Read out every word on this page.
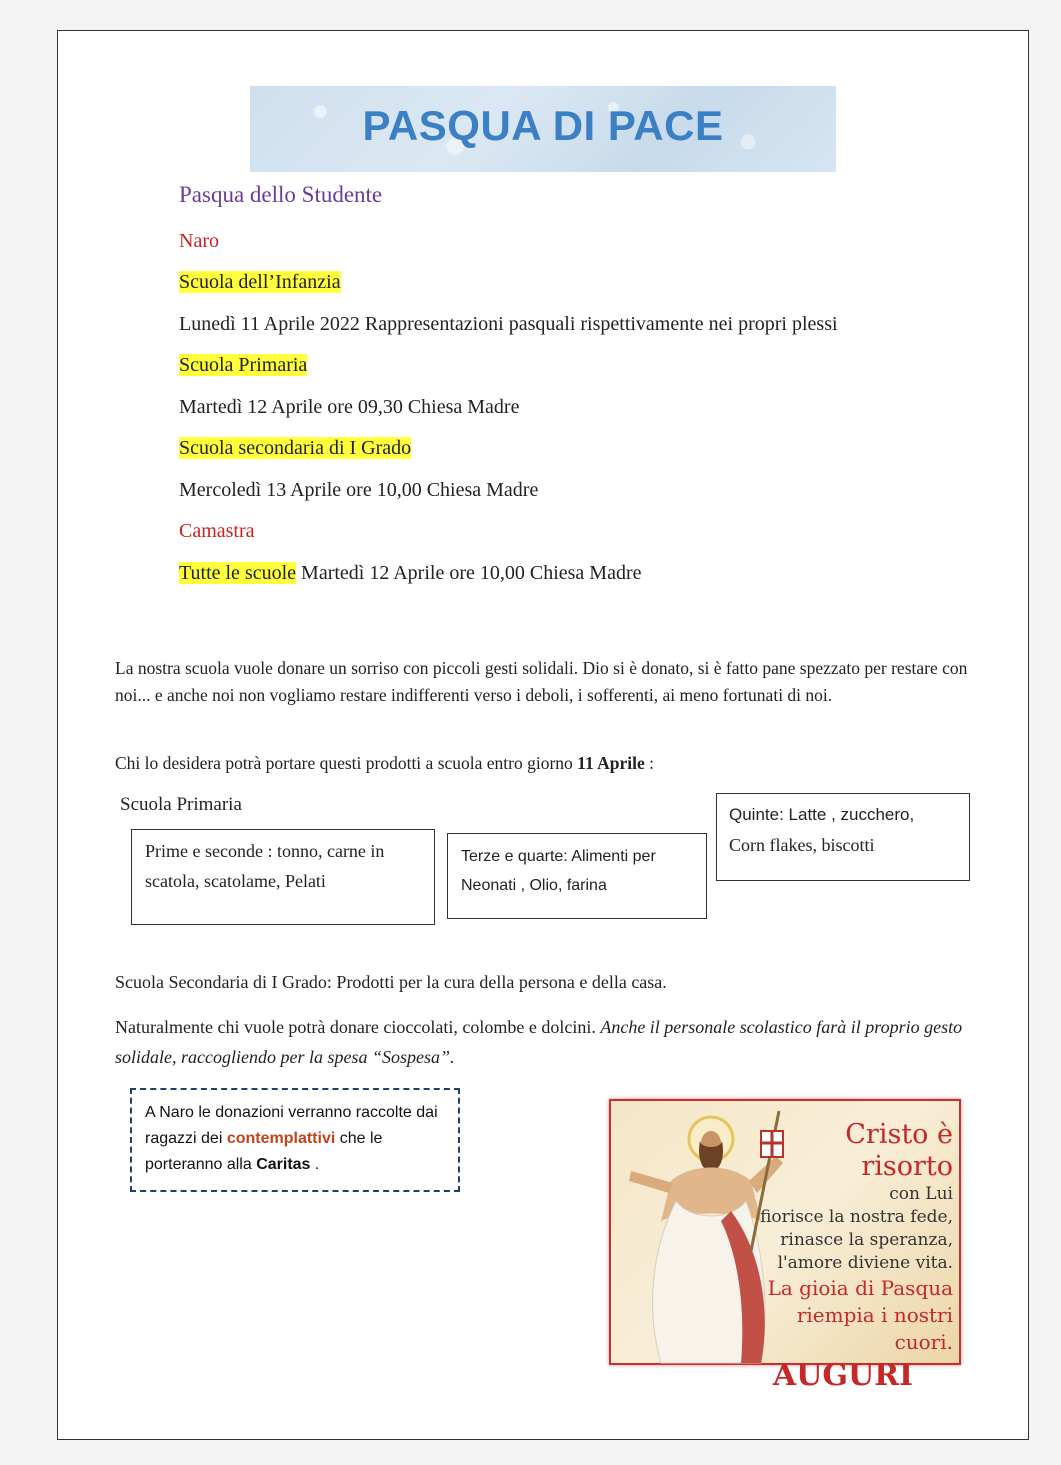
PASQUA DI PACE
Pasqua dello Studente
Naro
Scuola dell’Infanzia
Lunedì 11 Aprile 2022 Rappresentazioni pasquali rispettivamente nei propri plessi
Scuola Primaria
Martedì 12 Aprile ore 09,30 Chiesa Madre
Scuola secondaria di I Grado
Mercoledì 13 Aprile ore 10,00 Chiesa Madre
Camastra
Tutte le scuole Martedì 12 Aprile ore 10,00 Chiesa Madre
La nostra scuola vuole donare un sorriso con piccoli gesti solidali. Dio si è donato, si è fatto pane spezzato per restare con noi... e anche noi non vogliamo restare indifferenti verso i deboli, i sofferenti, ai meno fortunati di noi.
Chi lo desidera potrà portare questi prodotti a scuola entro giorno 11 Aprile :
Scuola Primaria
Prime e seconde : tonno, carne in scatola, scatolame, Pelati
Terze e quarte: Alimenti per Neonati , Olio, farina
Quinte: Latte , zucchero,
Corn flakes, biscotti
Scuola Secondaria di I Grado: Prodotti per la cura della persona e della casa.
Naturalmente chi vuole potrà donare cioccolati, colombe e dolcini. Anche il personale scolastico farà il proprio gesto solidale, raccogliendo per la spesa “Sospesa”.
A Naro le donazioni verranno raccolte dai ragazzi dei contemplattivi che le porteranno alla Caritas .
Cristo è risorto
con Lui
fiorisce la nostra fede,
rinasce la speranza,
l'amore diviene vita.
La gioia di Pasqua
riempia i nostri cuori.
AUGURI
